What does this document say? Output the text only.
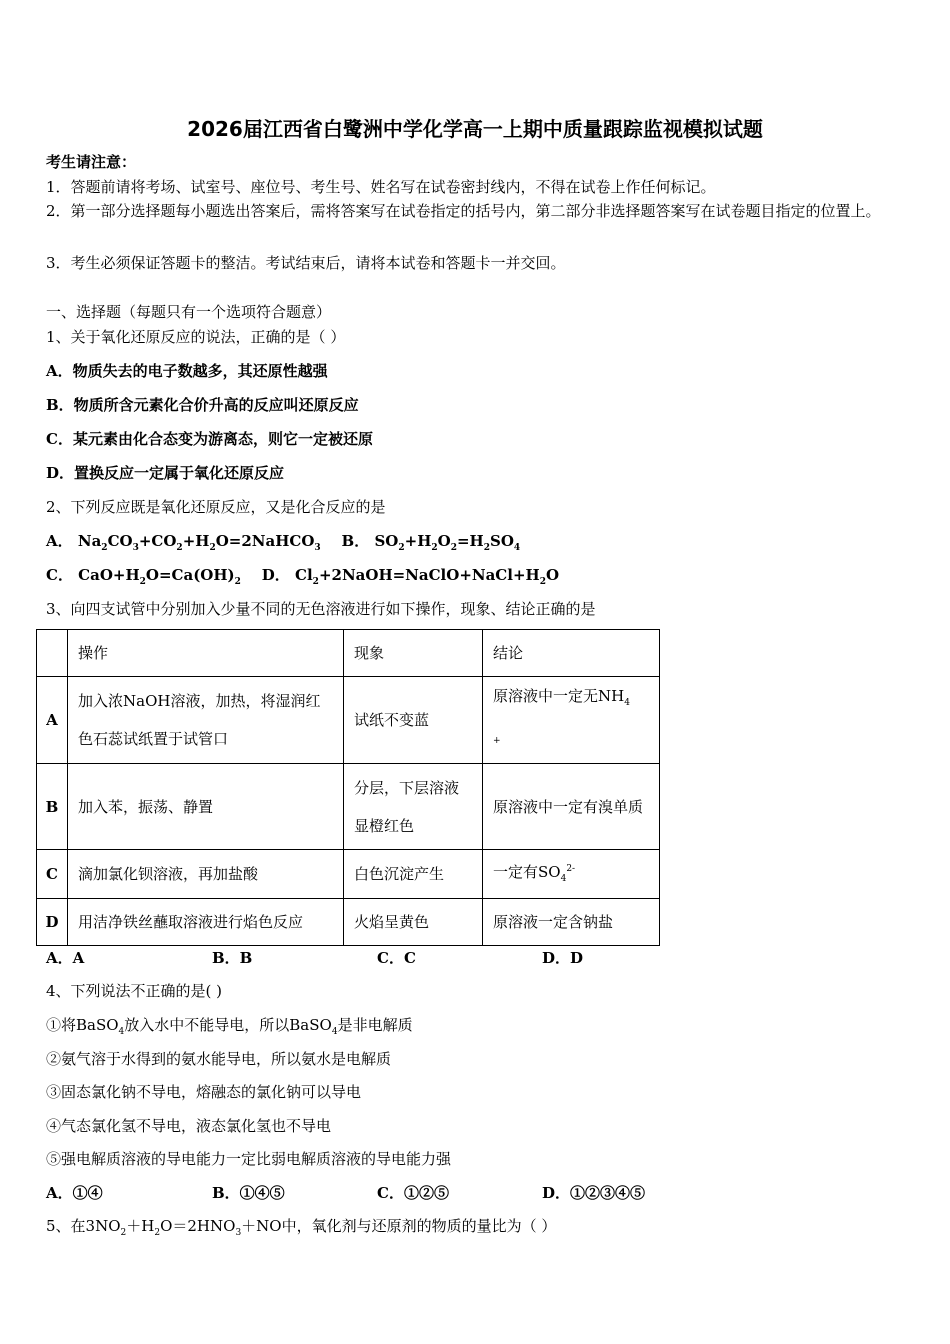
2026届江西省白鹭洲中学化学高一上期中质量跟踪监视模拟试题
考生请注意：
1．答题前请将考场、试室号、座位号、考生号、姓名写在试卷密封线内，不得在试卷上作任何标记。
2．第一部分选择题每小题选出答案后，需将答案写在试卷指定的括号内，第二部分非选择题答案写在试卷题目指定的位置上。
3．考生必须保证答题卡的整洁。考试结束后，请将本试卷和答题卡一并交回。
一、选择题（每题只有一个选项符合题意）
1、关于氧化还原反应的说法，正确的是（ ）
A．物质失去的电子数越多，其还原性越强
B．物质所含元素化合价升高的反应叫还原反应
C．某元素由化合态变为游离态，则它一定被还原
D．置换反应一定属于氧化还原反应
2、下列反应既是氧化还原反应，又是化合反应的是
A． $Na_2CO_3+CO_2+H_2O=2NaHCO_3$ B． $SO_2+H_2O_2=H_2SO_4$
C． $CaO+H_2O=Ca(OH)_2$ D． $Cl_2+2NaOH=NaClO+NaCl+H_2O$
3、向四支试管中分别加入少量不同的无色溶液进行如下操作，现象、结论正确的是
	操作	现象	结论
A	加入浓NaOH溶液，加热，将湿润红色石蕊试纸置于试管口	试纸不变蓝	原溶液中一定无$NH_4$
+
B	加入苯，振荡、静置	分层，下层溶液显橙红色	原溶液中一定有溴单质
C	滴加氯化钡溶液，再加盐酸	白色沉淀产生	一定有$SO_4^{2-}$
D	用洁净铁丝蘸取溶液进行焰色反应	火焰呈黄色	原溶液一定含钠盐
A．A	B．B	C．C	D．D
4、下列说法不正确的是( )
①将BaSO$_4$放入水中不能导电，所以BaSO$_4$是非电解质
②氨气溶于水得到的氨水能导电，所以氨水是电解质
③固态氯化钠不导电，熔融态的氯化钠可以导电
④气态氯化氢不导电，液态氯化氢也不导电
⑤强电解质溶液的导电能力一定比弱电解质溶液的导电能力强
A．①④	B．①④⑤	C．①②⑤	D．①②③④⑤
5、在$3NO_2+H_2O=2HNO_3+NO$中，氧化剂与还原剂的物质的量比为（ ）
